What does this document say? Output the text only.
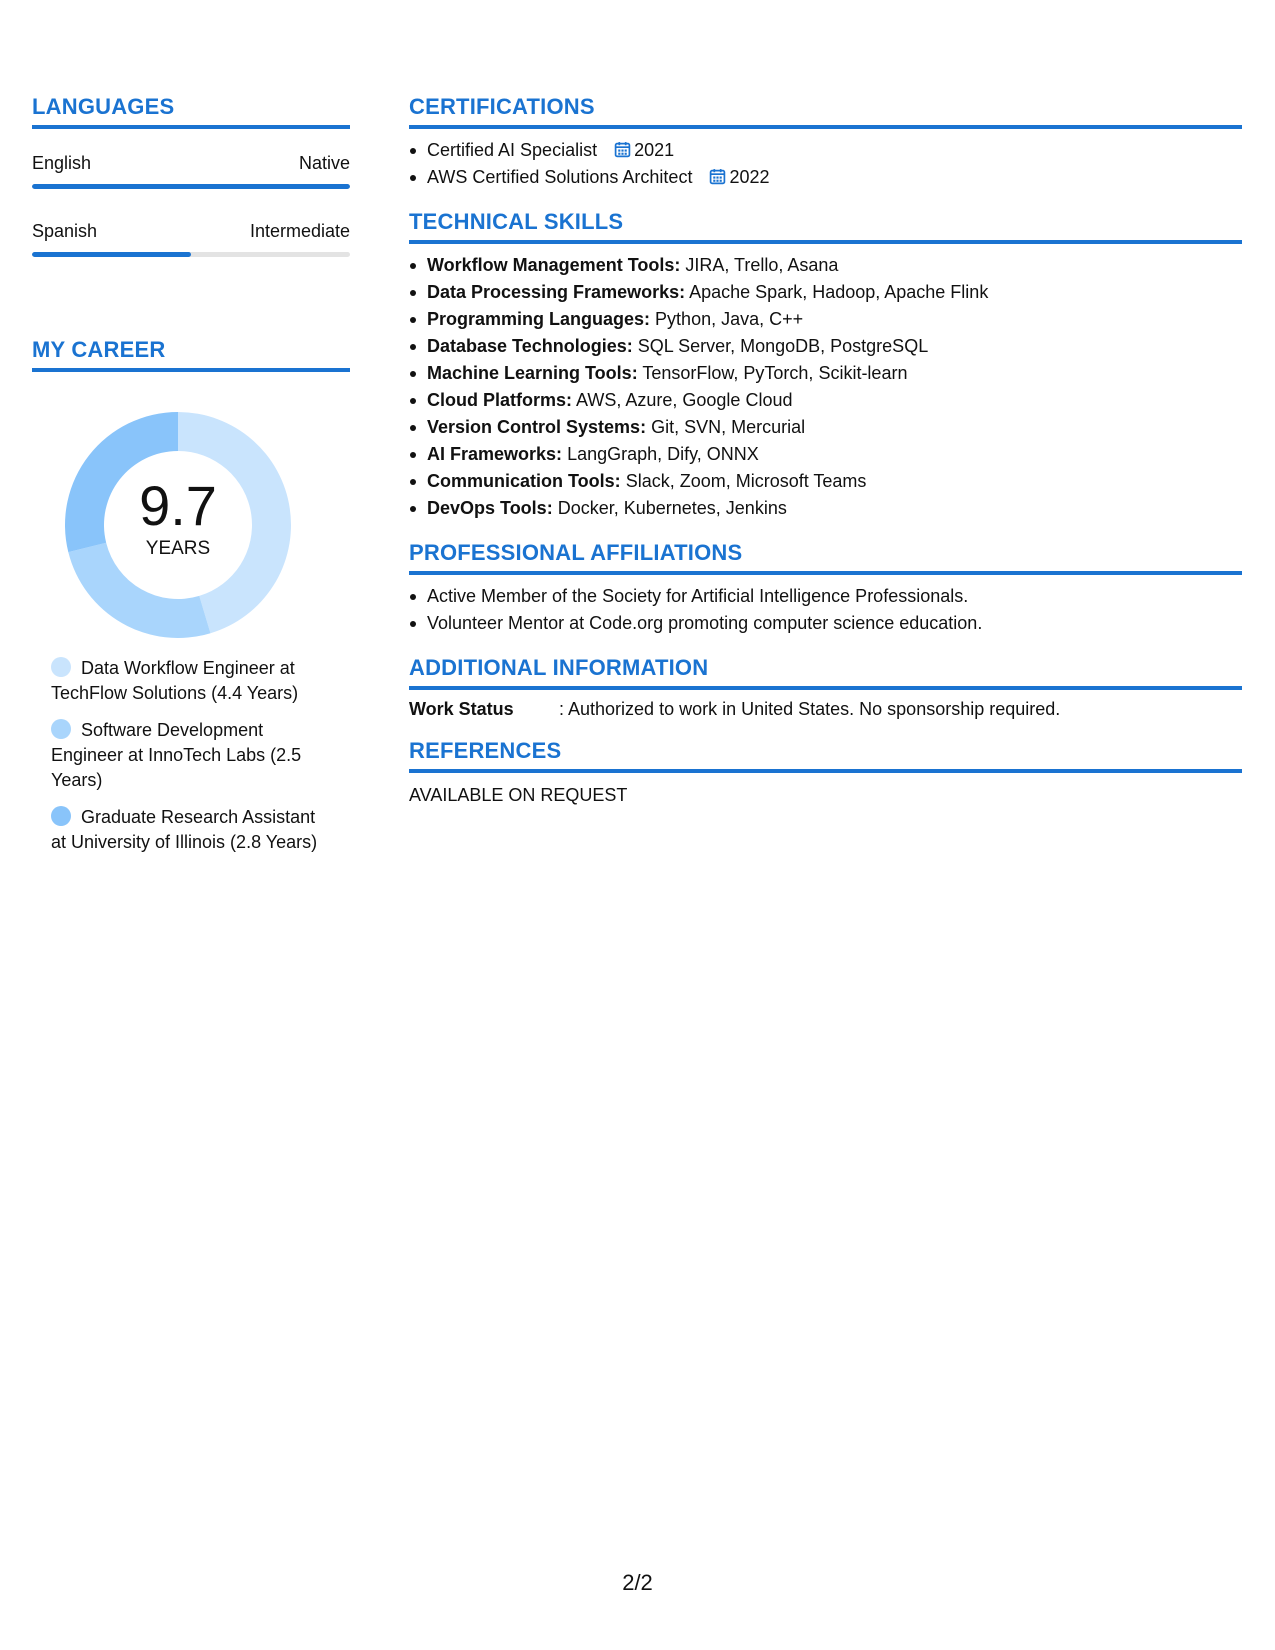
LANGUAGES
English	Native
Spanish	Intermediate
MY CAREER
9.7
YEARS
Data Workflow Engineer at TechFlow Solutions (4.4 Years)
Software Development Engineer at InnoTech Labs (2.5 Years)
Graduate Research Assistant at University of Illinois (2.8 Years)
CERTIFICATIONS
Certified AI Specialist 2021
AWS Certified Solutions Architect 2022
TECHNICAL SKILLS
Workflow Management Tools: JIRA, Trello, Asana
Data Processing Frameworks: Apache Spark, Hadoop, Apache Flink
Programming Languages: Python, Java, C++
Database Technologies: SQL Server, MongoDB, PostgreSQL
Machine Learning Tools: TensorFlow, PyTorch, Scikit-learn
Cloud Platforms: AWS, Azure, Google Cloud
Version Control Systems: Git, SVN, Mercurial
AI Frameworks: LangGraph, Dify, ONNX
Communication Tools: Slack, Zoom, Microsoft Teams
DevOps Tools: Docker, Kubernetes, Jenkins
PROFESSIONAL AFFILIATIONS
Active Member of the Society for Artificial Intelligence Professionals.
Volunteer Mentor at Code.org promoting computer science education.
ADDITIONAL INFORMATION
Work Status	: Authorized to work in United States. No sponsorship required.
REFERENCES
AVAILABLE ON REQUEST
2/2
